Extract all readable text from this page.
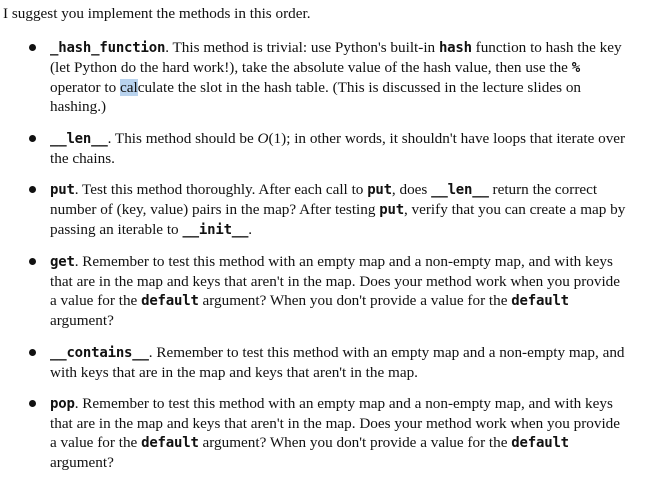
I suggest you implement the methods in this order.
_hash_function. This method is trivial: use Python's built-in hash function to hash the key (let Python do the hard work!), take the absolute value of the hash value, then use the % operator to calculate the slot in the hash table. (This is discussed in the lecture slides on hashing.)
__len__. This method should be O(1); in other words, it shouldn't have loops that iterate over the chains.
put. Test this method thoroughly. After each call to put, does __len__ return the correct number of (key, value) pairs in the map? After testing put, verify that you can create a map by passing an iterable to __init__.
get. Remember to test this method with an empty map and a non-empty map, and with keys that are in the map and keys that aren't in the map. Does your method work when you provide a value for the default argument? When you don't provide a value for the default argument?
__contains__. Remember to test this method with an empty map and a non-empty map, and with keys that are in the map and keys that aren't in the map.
pop. Remember to test this method with an empty map and a non-empty map, and with keys that are in the map and keys that aren't in the map. Does your method work when you provide a value for the default argument? When you don't provide a value for the default argument?
